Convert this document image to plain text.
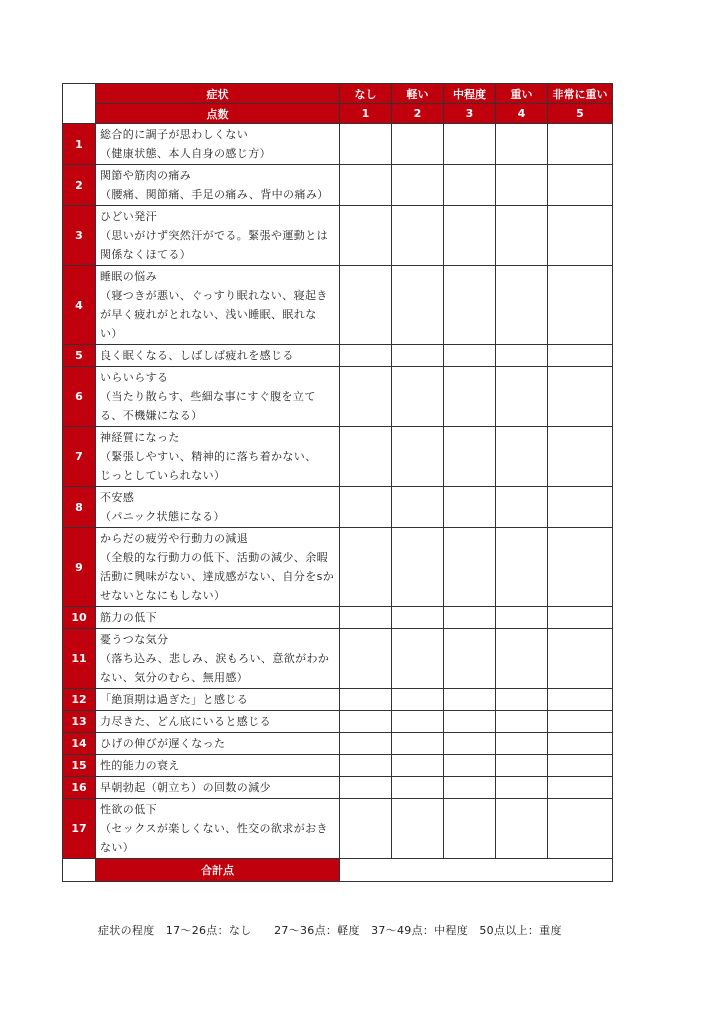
	症状	なし	軽い	中程度	重い	非常に重い
	点数	1	2	3	4	5
1	総合的に調子が思わしくない
（健康状態、本人自身の感じ方）					

2	関節や筋肉の痛み
（腰痛、関節痛、手足の痛み、背中の痛み）					

3	ひどい発汗
（思いがけず突然汗がでる。緊張や運動とは
関係なくほてる）					

4	睡眠の悩み
（寝つきが悪い、ぐっすり眠れない、寝起き
が早く疲れがとれない、浅い睡眠、眠れな
い）					

5	良く眠くなる、しばしば疲れを感じる					

6	いらいらする
（当たり散らす、些細な事にすぐ腹を立て
る、不機嫌になる）					

7	神経質になった
（緊張しやすい、精神的に落ち着かない、
じっとしていられない）					

8	不安感
（パニック状態になる）					

9	からだの疲労や行動力の減退
（全般的な行動力の低下、活動の減少、余暇
活動に興味がない、達成感がない、自分をsか
せないとなにもしない）					

10	筋力の低下					

11	憂うつな気分
（落ち込み、悲しみ、涙もろい、意欲がわか
ない、気分のむら、無用感）					

12	「絶頂期は過ぎた」と感じる					

13	力尽きた、どん底にいると感じる					

14	ひげの伸びが遅くなった					

15	性的能力の衰え					

16	早朝勃起（朝立ち）の回数の減少					

17	性欲の低下
（セックスが楽しくない、性交の欲求がおき
ない）					

	合計点					
症状の程度　17～26点：なし　　27～36点：軽度　37～49点：中程度　50点以上：重度
